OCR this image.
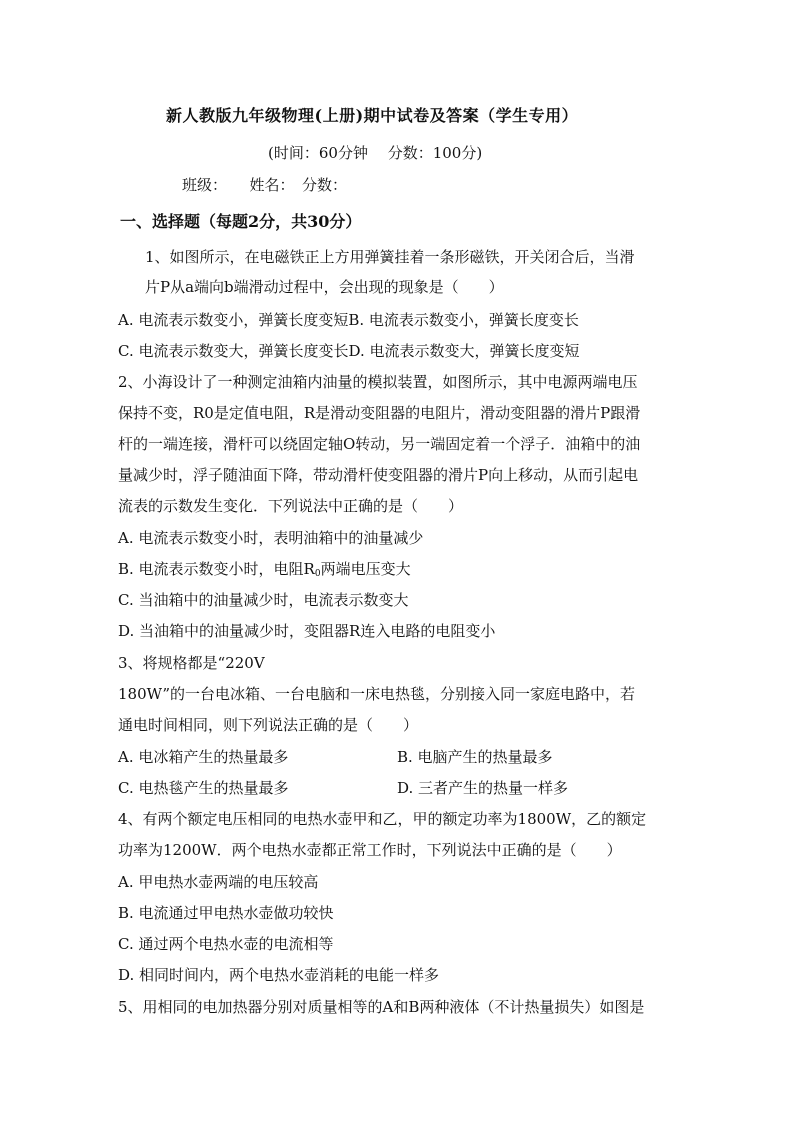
新人教版九年级物理(上册)期中试卷及答案（学生专用）
(时间：60分钟　 分数：100分)
班级：　　姓名：　分数：
一、选择题（每题2分，共30分）
1、如图所示，在电磁铁正上方用弹簧挂着一条形磁铁，开关闭合后，当滑
片P从a端向b端滑动过程中，会出现的现象是（　　）
A. 电流表示数变小，弹簧长度变短B. 电流表示数变小，弹簧长度变长
C. 电流表示数变大，弹簧长度变长D. 电流表示数变大，弹簧长度变短
2、小海设计了一种测定油箱内油量的模拟装置，如图所示，其中电源两端电压
保持不变，R0是定值电阻，R是滑动变阻器的电阻片，滑动变阻器的滑片P跟滑
杆的一端连接，滑杆可以绕固定轴O转动，另一端固定着一个浮子．油箱中的油
量减少时，浮子随油面下降，带动滑杆使变阻器的滑片P向上移动，从而引起电
流表的示数发生变化．下列说法中正确的是（　　）
A. 电流表示数变小时，表明油箱中的油量减少
B. 电流表示数变小时，电阻$R_0$两端电压变大
C. 当油箱中的油量减少时，电流表示数变大
D. 当油箱中的油量减少时，变阻器R连入电路的电阻变小
3、将规格都是“220V
180W”的一台电冰箱、一台电脑和一床电热毯，分别接入同一家庭电路中，若
通电时间相同，则下列说法正确的是（　　）
A. 电冰箱产生的热量最多	B. 电脑产生的热量最多
C. 电热毯产生的热量最多	D. 三者产生的热量一样多
4、有两个额定电压相同的电热水壶甲和乙，甲的额定功率为1800W，乙的额定
功率为1200W．两个电热水壶都正常工作时，下列说法中正确的是（　　）
A. 甲电热水壶两端的电压较高
B. 电流通过甲电热水壶做功较快
C. 通过两个电热水壶的电流相等
D. 相同时间内，两个电热水壶消耗的电能一样多
5、用相同的电加热器分别对质量相等的A和B两种液体（不计热量损失）如图是
